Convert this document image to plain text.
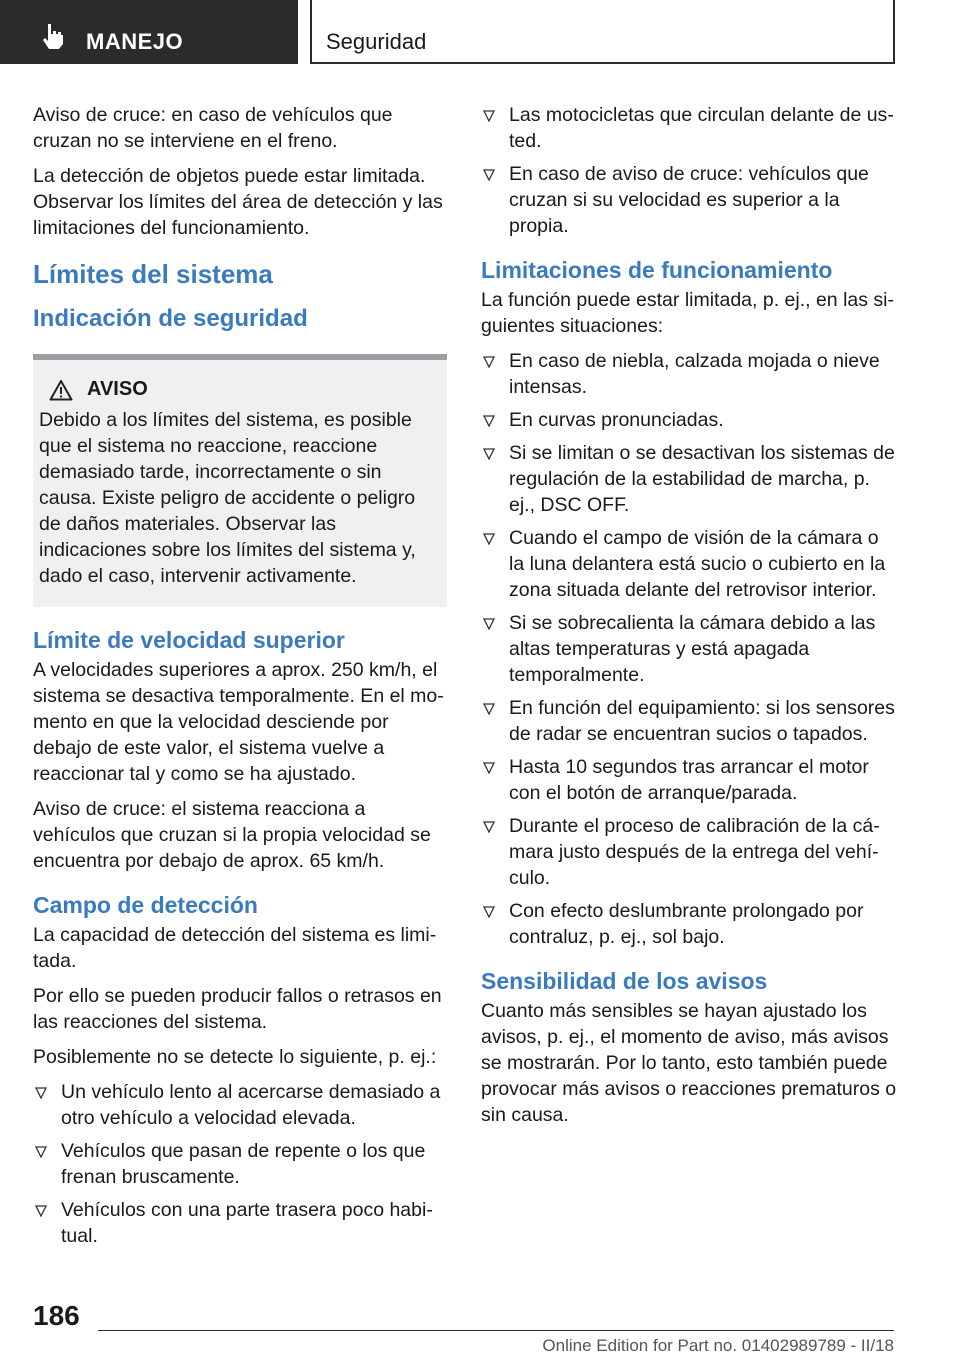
MANEJO	Seguridad

Aviso de cruce: en caso de vehículos que cruzan no se interviene en el freno.

La detección de objetos puede estar limitada. Observar los límites del área de detección y las limitaciones del funcionamiento.

Límites del sistema
Indicación de seguridad
AVISO

Debido a los límites del sistema, es posible que el sistema no reaccione, reaccione demasiado tarde, incorrectamente o sin causa. Existe peligro de accidente o peligro de daños materiales. Observar las indicaciones sobre los límites del sistema y, dado el caso, intervenir activamente.

Límite de velocidad superior

A velocidades superiores a aprox. 250 km/h, el sistema se desactiva temporalmente. En el momento en que la velocidad desciende por debajo de este valor, el sistema vuelve a reaccionar tal y como se ha ajustado.

Aviso de cruce: el sistema reacciona a vehículos que cruzan si la propia velocidad se encuentra por debajo de aprox. 65 km/h.

Campo de detección

La capacidad de detección del sistema es limitada.

Por ello se pueden producir fallos o retrasos en las reacciones del sistema.

Posiblemente no se detecte lo siguiente, p. ej.:

Un vehículo lento al acercarse demasiado a otro vehículo a velocidad elevada.
Vehículos que pasan de repente o los que frenan bruscamente.
Vehículos con una parte trasera poco habitual.
Las motocicletas que circulan delante de usted.
En caso de aviso de cruce: vehículos que cruzan si su velocidad es superior a la propia.
Limitaciones de funcionamiento

La función puede estar limitada, p. ej., en las siguientes situaciones:

En caso de niebla, calzada mojada o nieve intensas.
En curvas pronunciadas.
Si se limitan o se desactivan los sistemas de regulación de la estabilidad de marcha, p. ej., DSC OFF.
Cuando el campo de visión de la cámara o la luna delantera está sucio o cubierto en la zona situada delante del retrovisor interior.
Si se sobrecalienta la cámara debido a las altas temperaturas y está apagada temporalmente.
En función del equipamiento: si los sensores de radar se encuentran sucios o tapados.
Hasta 10 segundos tras arrancar el motor con el botón de arranque/parada.
Durante el proceso de calibración de la cámara justo después de la entrega del vehículo.
Con efecto deslumbrante prolongado por contraluz, p. ej., sol bajo.
Sensibilidad de los avisos

Cuanto más sensibles se hayan ajustado los avisos, p. ej., el momento de aviso, más avisos se mostrarán. Por lo tanto, esto también puede provocar más avisos o reacciones prematuros o sin causa.

186
Online Edition for Part no. 01402989789 - II/18
